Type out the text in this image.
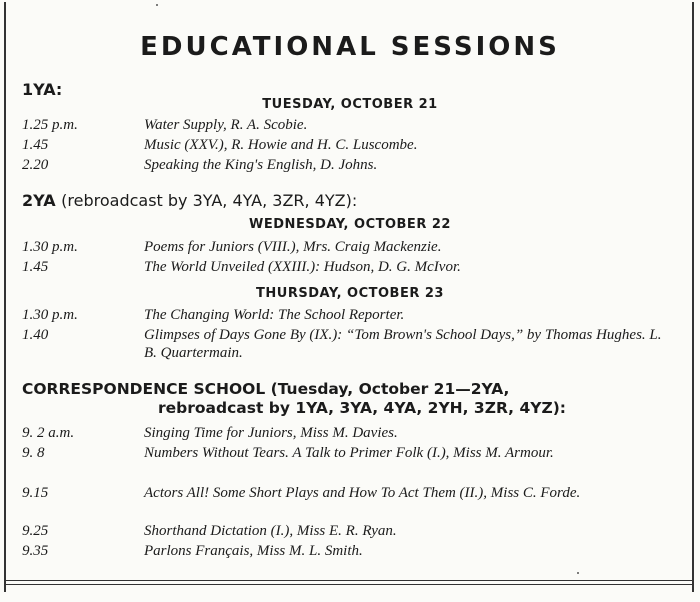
EDUCATIONAL SESSIONS
1YA:
TUESDAY, OCTOBER 21
1.25 p.m.	Water Supply, R. A. Scobie.
1.45	Music (XXV.), R. Howie and H. C. Luscombe.
2.20	Speaking the King's English, D. Johns.
2YA (rebroadcast by 3YA, 4YA, 3ZR, 4YZ):
WEDNESDAY, OCTOBER 22
1.30 p.m.	Poems for Juniors (VIII.), Mrs. Craig Mackenzie.
1.45	The World Unveiled (XXIII.): Hudson, D. G. McIvor.
THURSDAY, OCTOBER 23
1.30 p.m.	The Changing World: The School Reporter.
1.40	Glimpses of Days Gone By (IX.): “Tom Brown's School Days,” by Thomas Hughes. L. B. Quartermain.
CORRESPONDENCE SCHOOL (Tuesday, October 21—2YA,
rebroadcast by 1YA, 3YA, 4YA, 2YH, 3ZR, 4YZ):
9. 2 a.m.	Singing Time for Juniors, Miss M. Davies.
9. 8	Numbers Without Tears. A Talk to Primer Folk (I.), Miss M. Armour.
9.15	Actors All! Some Short Plays and How To Act Them (II.), Miss C. Forde.
9.25	Shorthand Dictation (I.), Miss E. R. Ryan.
9.35	Parlons Français, Miss M. L. Smith.
